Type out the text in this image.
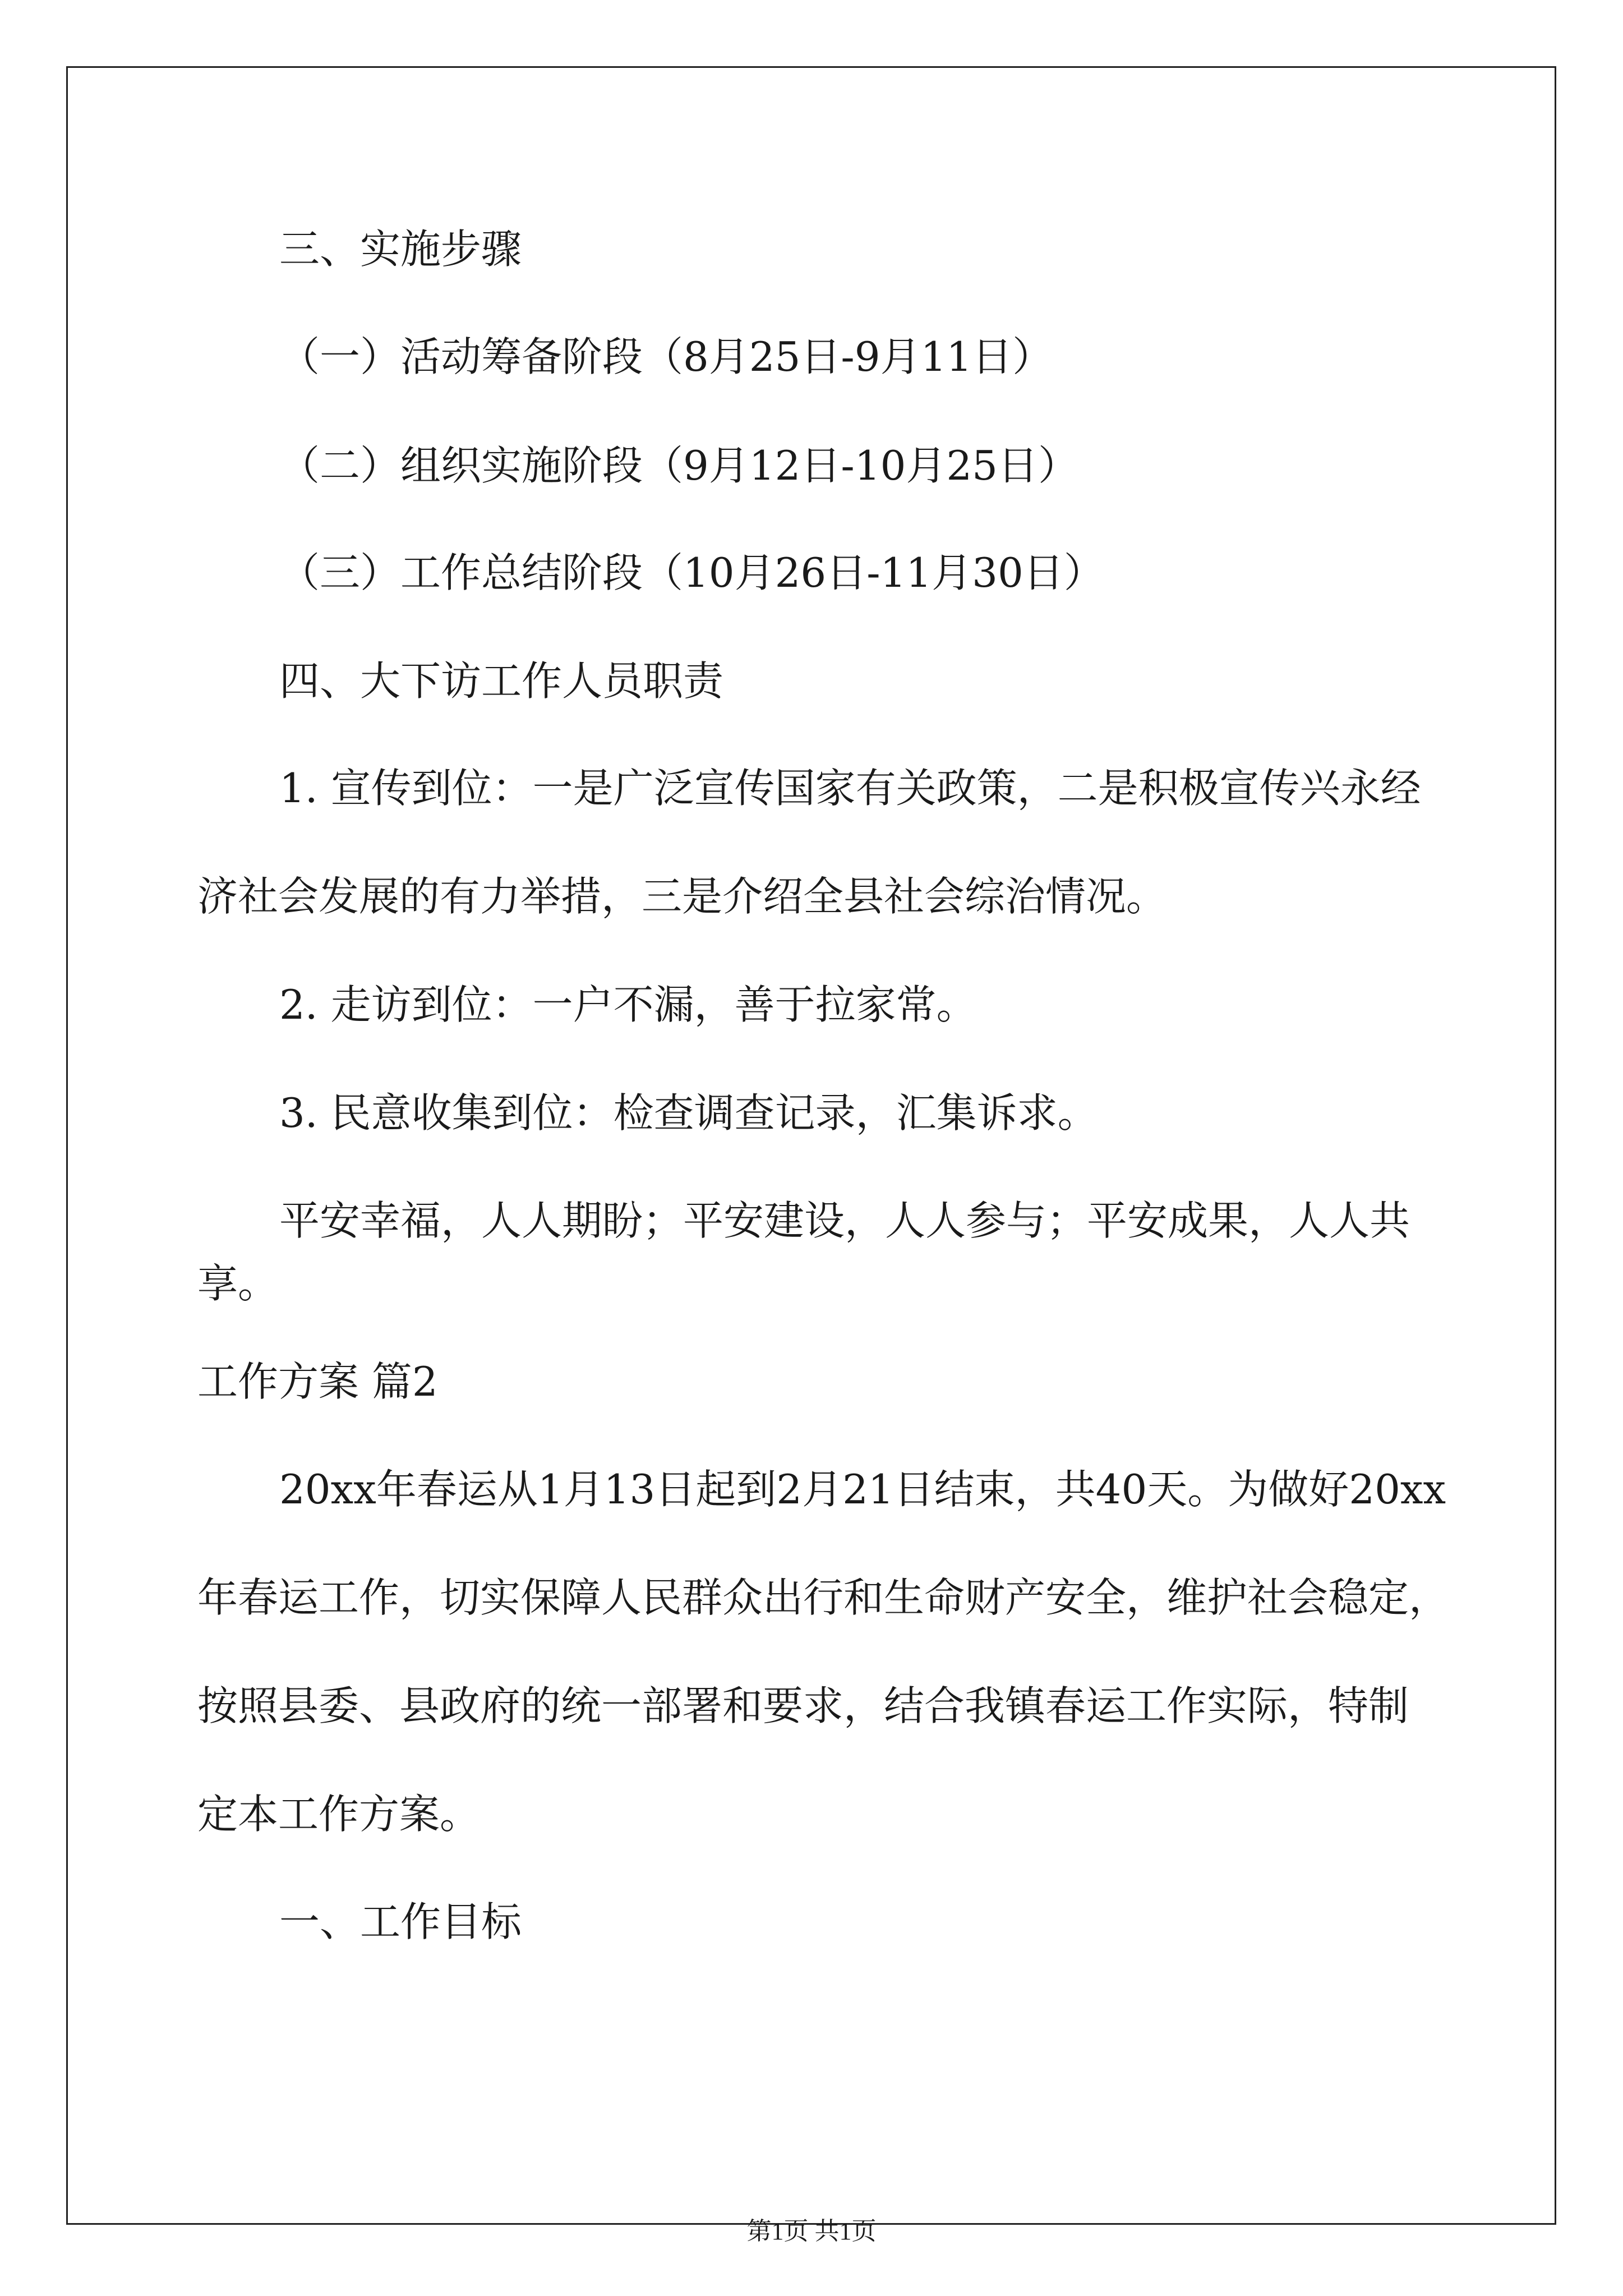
三、实施步骤

（一）活动筹备阶段（8月25日-9月11日）

（二）组织实施阶段（9月12日-10月25日）

（三）工作总结阶段（10月26日-11月30日）

四、大下访工作人员职责

1. 宣传到位：一是广泛宣传国家有关政策，二是积极宣传兴永经

济社会发展的有力举措，三是介绍全县社会综治情况。

2. 走访到位：一户不漏，善于拉家常。

3. 民意收集到位：检查调查记录，汇集诉求。

平安幸福，人人期盼；平安建设，人人参与；平安成果，人人共

享。

工作方案 篇2

20xx年春运从1月13日起到2月21日结束，共40天。为做好20xx

年春运工作，切实保障人民群众出行和生命财产安全，维护社会稳定，

按照县委、县政府的统一部署和要求，结合我镇春运工作实际，特制

定本工作方案。

一、工作目标

第1页 共1页
